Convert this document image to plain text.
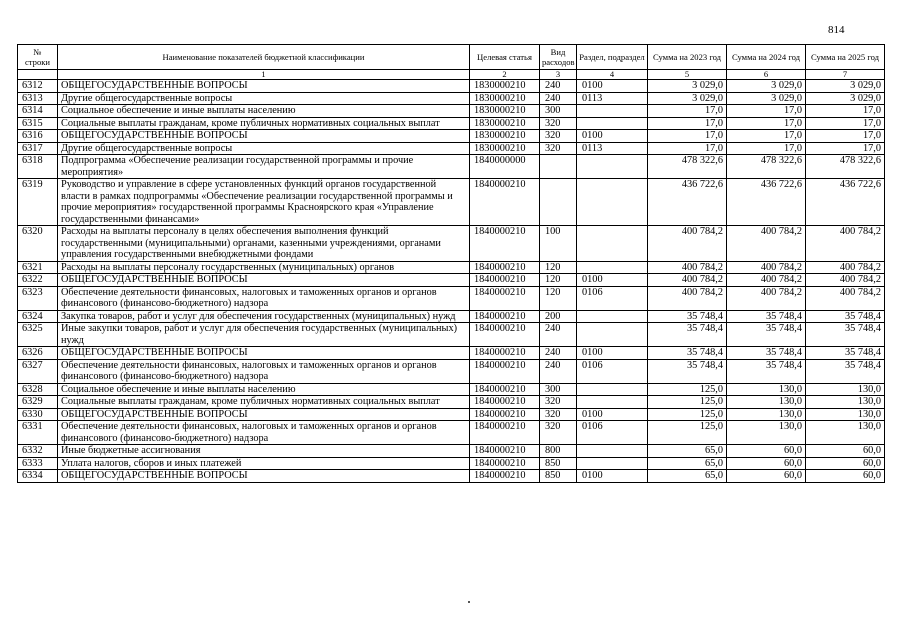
814
№ строки	Наименование показателей бюджетной классификации	Целевая статья	Вид расходов	Раздел, подраздел	Сумма на 2023 год	Сумма на 2024 год	Сумма на 2025 год
	1	2	3	4	5	6	7
6312	ОБЩЕГОСУДАРСТВЕННЫЕ ВОПРОСЫ	1830000210	240	0100	3 029,0	3 029,0	3 029,0
6313	Другие общегосударственные вопросы	1830000210	240	0113	3 029,0	3 029,0	3 029,0
6314	Социальное обеспечение и иные выплаты населению	1830000210	300		17,0	17,0	17,0
6315	Социальные выплаты гражданам, кроме публичных нормативных социальных выплат	1830000210	320		17,0	17,0	17,0
6316	ОБЩЕГОСУДАРСТВЕННЫЕ ВОПРОСЫ	1830000210	320	0100	17,0	17,0	17,0
6317	Другие общегосударственные вопросы	1830000210	320	0113	17,0	17,0	17,0
6318	Подпрограмма «Обеспечение реализации государственной программы и прочие мероприятия»	1840000000			478 322,6	478 322,6	478 322,6
6319	Руководство и управление в сфере установленных функций органов государственной власти в рамках подпрограммы «Обеспечение реализации государственной программы и прочие мероприятия» государственной программы Красноярского края «Управление государственными финансами»	1840000210			436 722,6	436 722,6	436 722,6
6320	Расходы на выплаты персоналу в целях обеспечения выполнения функций государственными (муниципальными) органами, казенными учреждениями, органами управления государственными внебюджетными фондами	1840000210	100		400 784,2	400 784,2	400 784,2
6321	Расходы на выплаты персоналу государственных (муниципальных) органов	1840000210	120		400 784,2	400 784,2	400 784,2
6322	ОБЩЕГОСУДАРСТВЕННЫЕ ВОПРОСЫ	1840000210	120	0100	400 784,2	400 784,2	400 784,2
6323	Обеспечение деятельности финансовых, налоговых и таможенных органов и органов финансового (финансово-бюджетного) надзора	1840000210	120	0106	400 784,2	400 784,2	400 784,2
6324	Закупка товаров, работ и услуг для обеспечения государственных (муниципальных) нужд	1840000210	200		35 748,4	35 748,4	35 748,4
6325	Иные закупки товаров, работ и услуг для обеспечения государственных (муниципальных) нужд	1840000210	240		35 748,4	35 748,4	35 748,4
6326	ОБЩЕГОСУДАРСТВЕННЫЕ ВОПРОСЫ	1840000210	240	0100	35 748,4	35 748,4	35 748,4
6327	Обеспечение деятельности финансовых, налоговых и таможенных органов и органов финансового (финансово-бюджетного) надзора	1840000210	240	0106	35 748,4	35 748,4	35 748,4
6328	Социальное обеспечение и иные выплаты населению	1840000210	300		125,0	130,0	130,0
6329	Социальные выплаты гражданам, кроме публичных нормативных социальных выплат	1840000210	320		125,0	130,0	130,0
6330	ОБЩЕГОСУДАРСТВЕННЫЕ ВОПРОСЫ	1840000210	320	0100	125,0	130,0	130,0
6331	Обеспечение деятельности финансовых, налоговых и таможенных органов и органов финансового (финансово-бюджетного) надзора	1840000210	320	0106	125,0	130,0	130,0
6332	Иные бюджетные ассигнования	1840000210	800		65,0	60,0	60,0
6333	Уплата налогов, сборов и иных платежей	1840000210	850		65,0	60,0	60,0
6334	ОБЩЕГОСУДАРСТВЕННЫЕ ВОПРОСЫ	1840000210	850	0100	65,0	60,0	60,0
